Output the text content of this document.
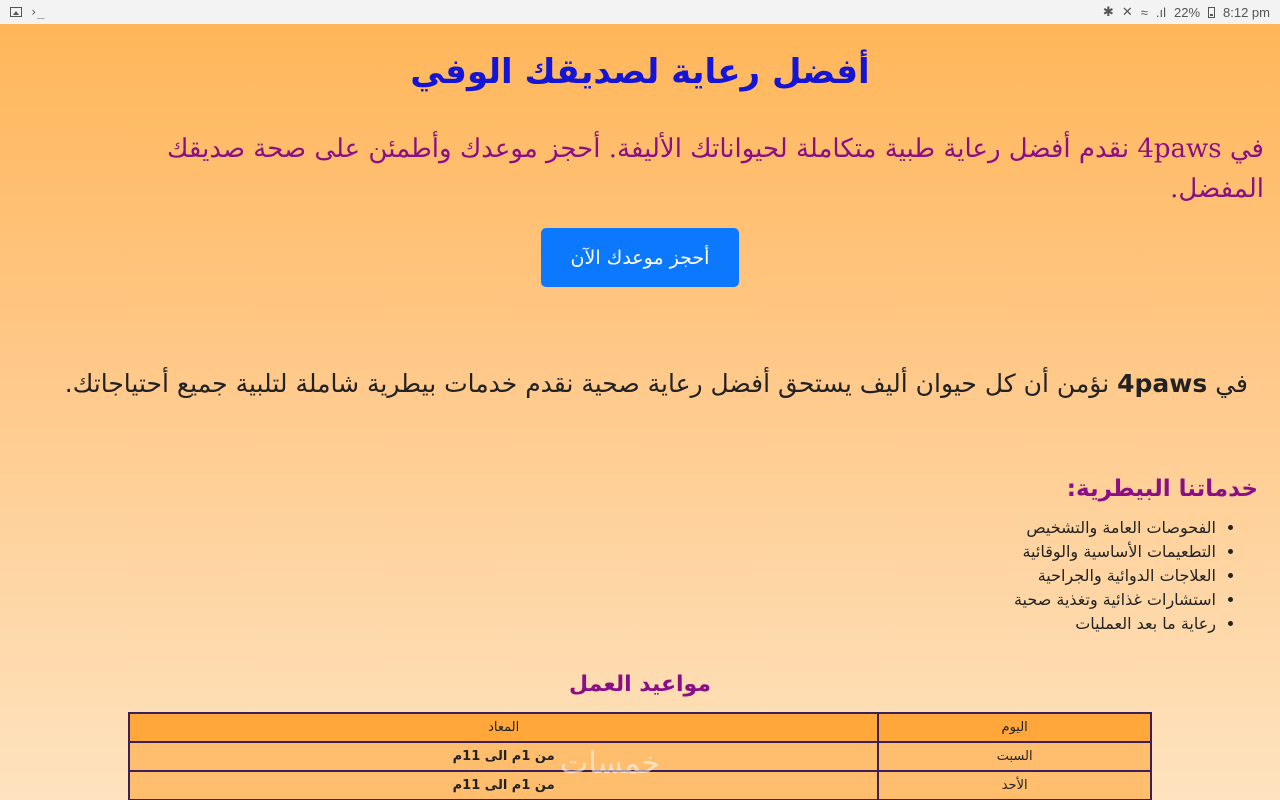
›_	✱ ✕ ≈ .ıl 22% 8:12 pm
أفضل رعاية لصديقك الوفي

في 4paws نقدم أفضل رعاية طبية متكاملة لحيواناتك الأليفة. أحجز موعدك وأطمئن على صحة صديقك المفضل.

أحجز موعدك الآن

في 4paws نؤمن أن كل حيوان أليف يستحق أفضل رعاية صحية نقدم خدمات بيطرية شاملة لتلبية جميع أحتياجاتك.

خدماتنا البيطرية:
• الفحوصات العامة والتشخيص
• التطعيمات الأساسية والوقائية
• العلاجات الدوائية والجراحية
• استشارات غذائية وتغذية صحية
• رعاية ما بعد العمليات
مواعيد العمل
اليوم	المعاد
السبت	من 1م الى 11م
الأحد	من 1م الى 11م
خمسات
